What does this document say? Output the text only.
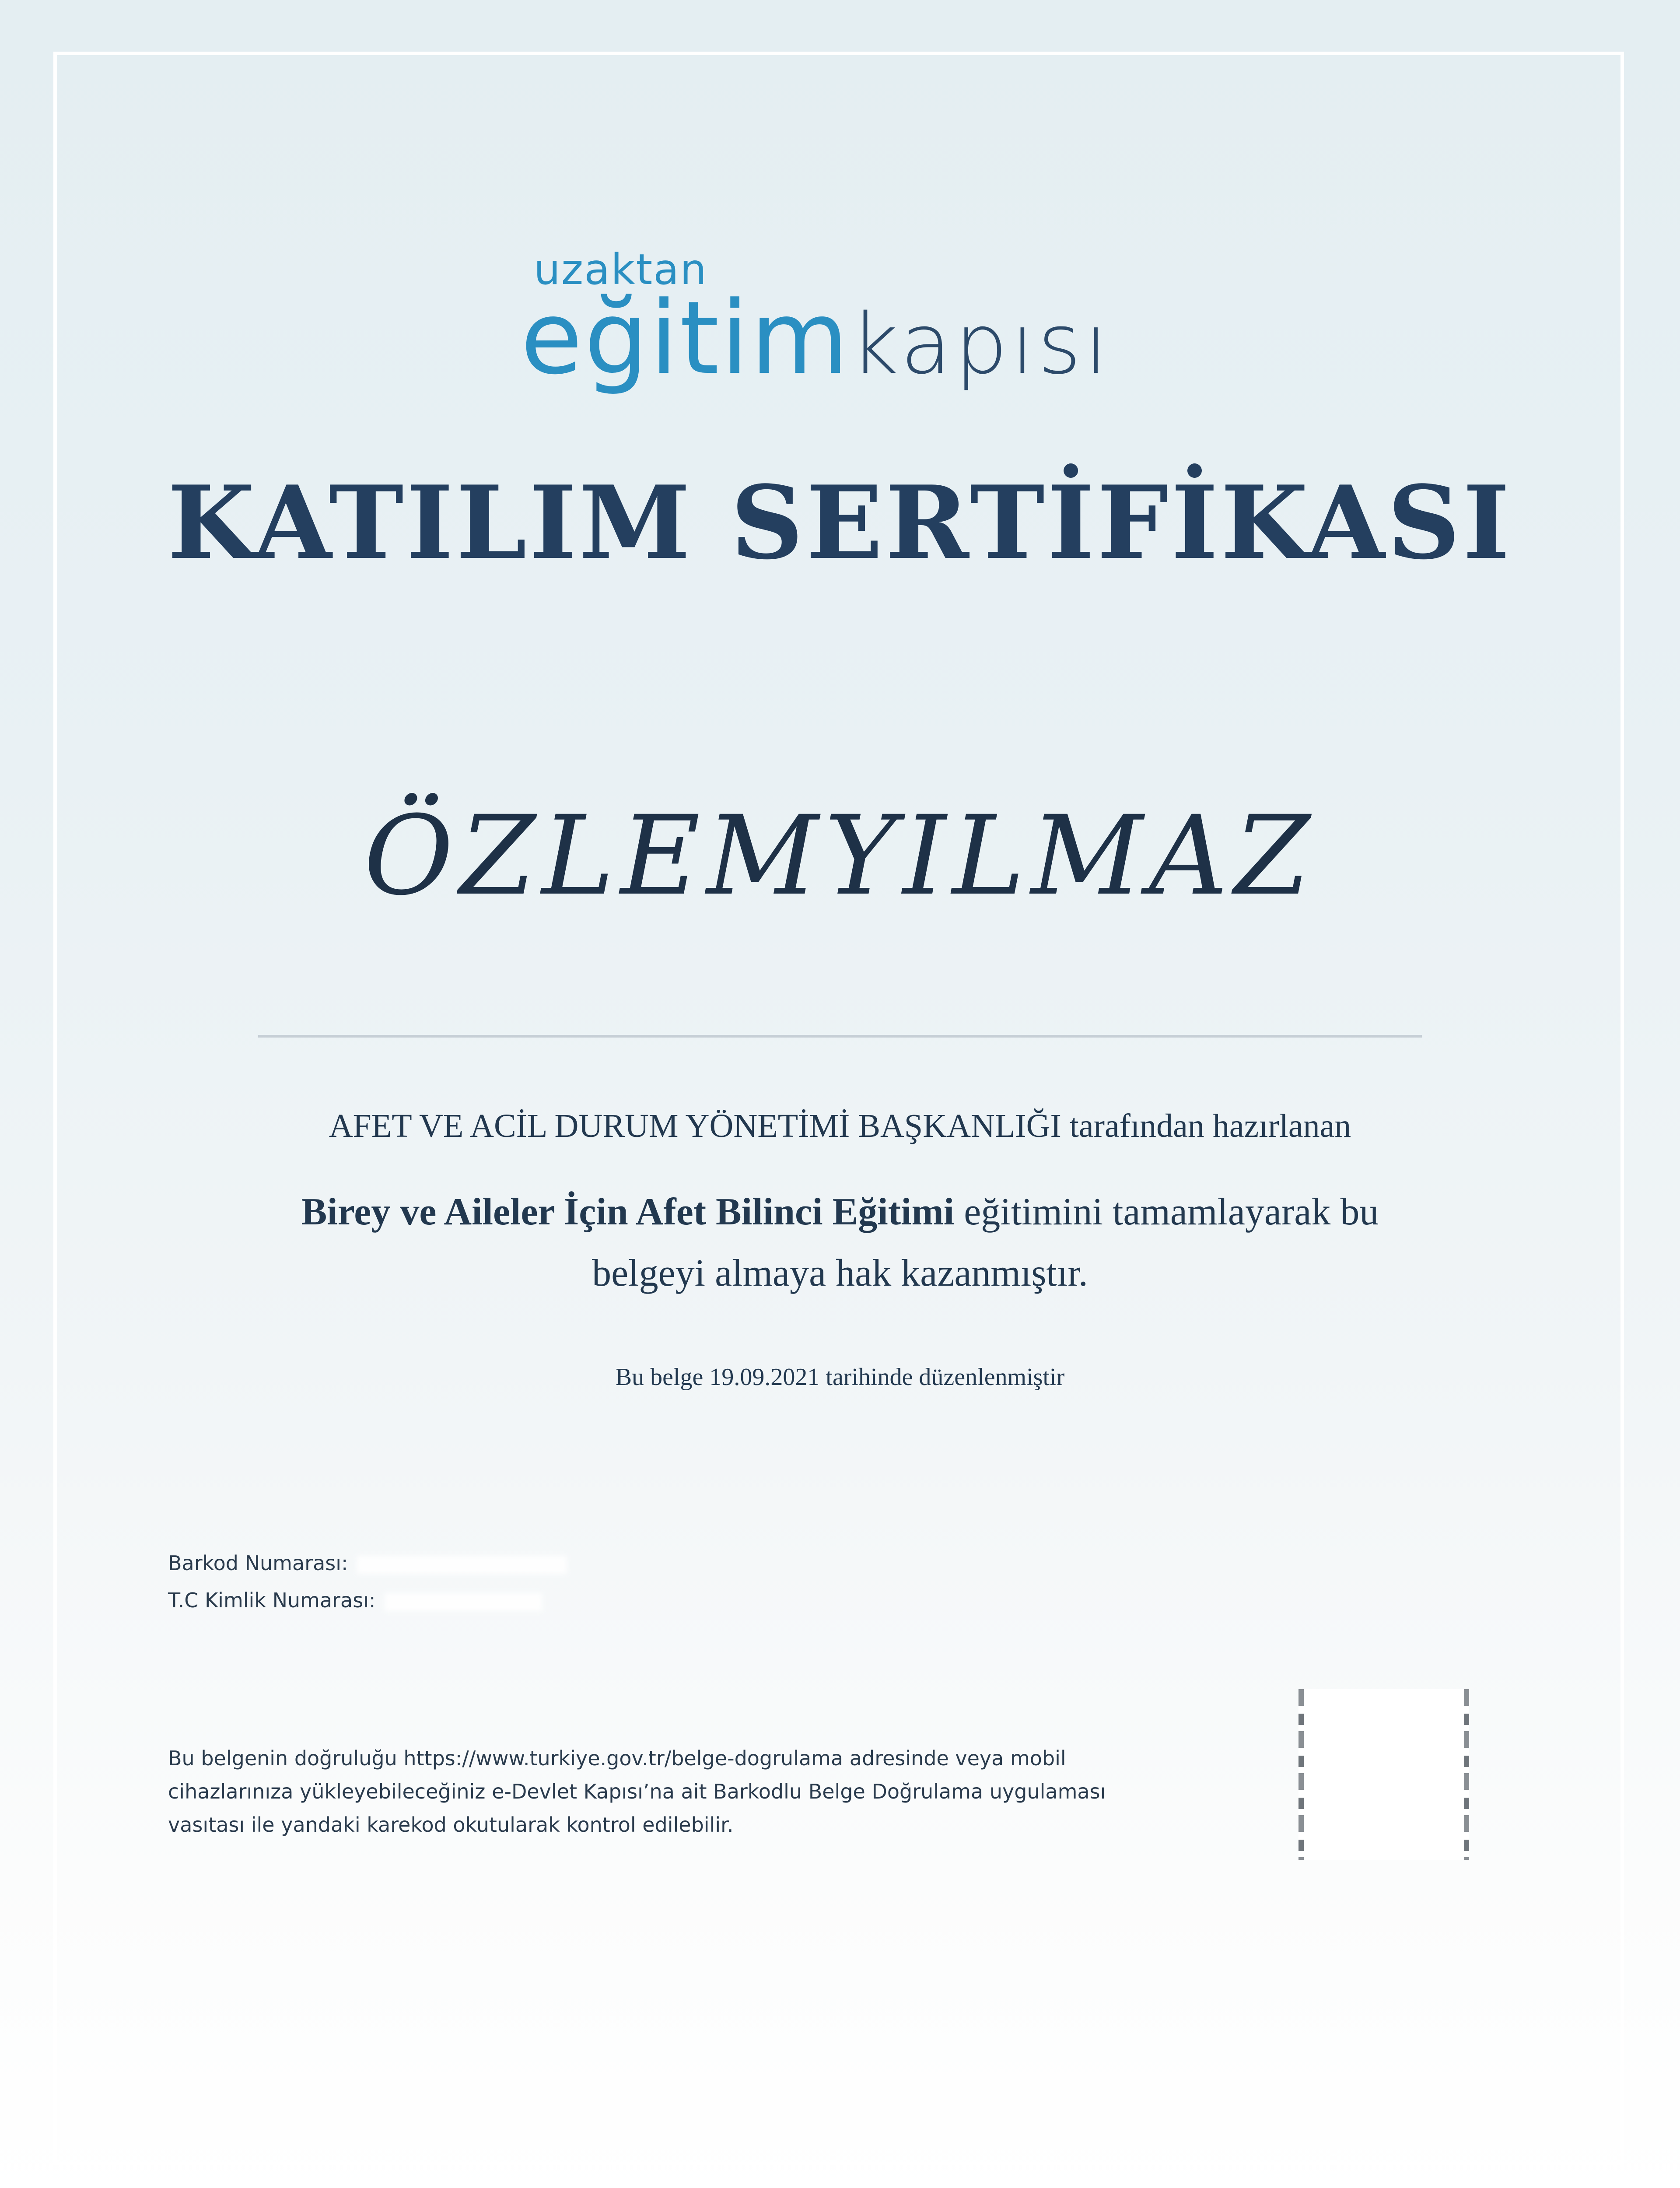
uzaktan
eğitimkapısı
KATILIM SERTİFİKASI
ÖZLEMYILMAZ
AFET VE ACİL DURUM YÖNETİMİ BAŞKANLIĞI tarafından hazırlanan
Birey ve Aileler İçin Afet Bilinci Eğitimi eğitimini tamamlayarak bu belgeyi almaya hak kazanmıştır.
Bu belge 19.09.2021 tarihinde düzenlenmiştir
Barkod Numarası:
T.C Kimlik Numarası:
Bu belgenin doğruluğu https://www.turkiye.gov.tr/belge-dogrulama adresinde veya mobil cihazlarınıza yükleyebileceğiniz e-Devlet Kapısı’na ait Barkodlu Belge Doğrulama uygulaması vasıtası ile yandaki karekod okutularak kontrol edilebilir.
